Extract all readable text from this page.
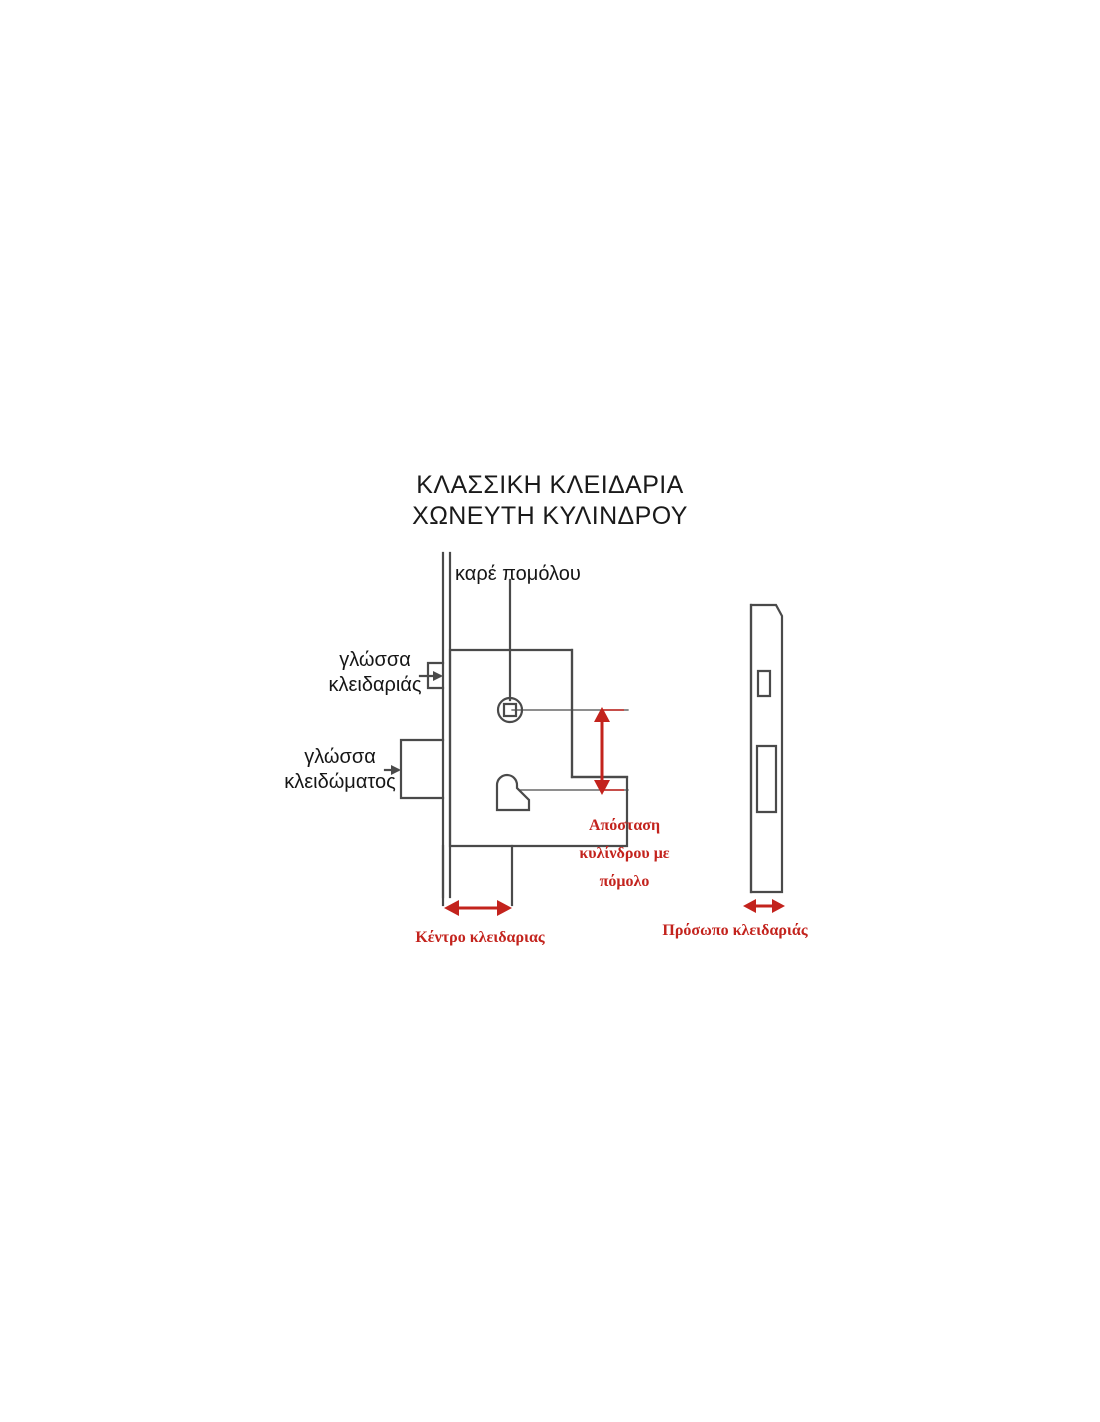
ΚΛΑΣΣΙΚΗ ΚΛΕΙΔΑΡΙΑ
ΧΩΝΕΥΤΗ ΚΥΛΙΝΔΡΟΥ
καρέ πομόλου
γλώσσα
κλειδαριάς
γλώσσα
κλειδώματος
Απόσταση
κυλίνδρου με
πόμολο
Κέντρο κλειδαριας	Πρόσωπο κλειδαριάς
